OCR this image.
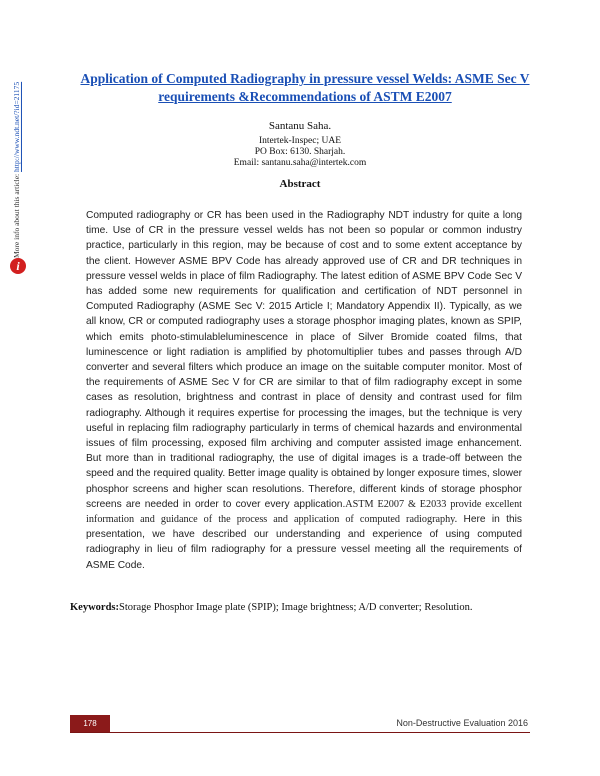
More info about this article: http://www.ndt.net/?id=21175
i
Application of Computed Radiography in pressure vessel Welds: ASME Sec V requirements &Recommendations of ASTM E2007
Santanu Saha.
Intertek-Inspec; UAE
PO Box: 6130. Sharjah.
Email: santanu.saha@intertek.com
Abstract
Computed radiography or CR has been used in the Radiography NDT industry for quite a long time. Use of CR in the pressure vessel welds has not been so popular or common industry practice, particularly in this region, may be because of cost and to some extent acceptance by the client. However ASME BPV Code has already approved use of CR and DR techniques in pressure vessel welds in place of film Radiography. The latest edition of ASME BPV Code Sec V has added some new requirements for qualification and certification of NDT personnel in Computed Radiography (ASME Sec V: 2015 Article I; Mandatory Appendix II). Typically, as we all know, CR or computed radiography uses a storage phosphor imaging plates, known as SPIP, which emits photo-stimulableluminescence in place of Silver Bromide coated films, that luminescence or light radiation is amplified by photomultiplier tubes and passes through A/D converter and several filters which produce an image on the suitable computer monitor. Most of the requirements of ASME Sec V for CR are similar to that of film radiography except in some cases as resolution, brightness and contrast in place of density and contrast used for film radiography. Although it requires expertise for processing the images, but the technique is very useful in replacing film radiography particularly in terms of chemical hazards and environmental issues of film processing, exposed film archiving and computer assisted image enhancement. But more than in traditional radiography, the use of digital images is a trade-off between the speed and the required quality. Better image quality is obtained by longer exposure times, slower phosphor screens and higher scan resolutions. Therefore, different kinds of storage phosphor screens are needed in order to cover every application.ASTM E2007 & E2033 provide excellent information and guidance of the process and application of computed radiography. Here in this presentation, we have described our understanding and experience of using computed radiography in lieu of film radiography for a pressure vessel meeting all the requirements of ASME Code.
Keywords:Storage Phosphor Image plate (SPIP); Image brightness; A/D converter; Resolution.
178	Non-Destructive Evaluation 2016
